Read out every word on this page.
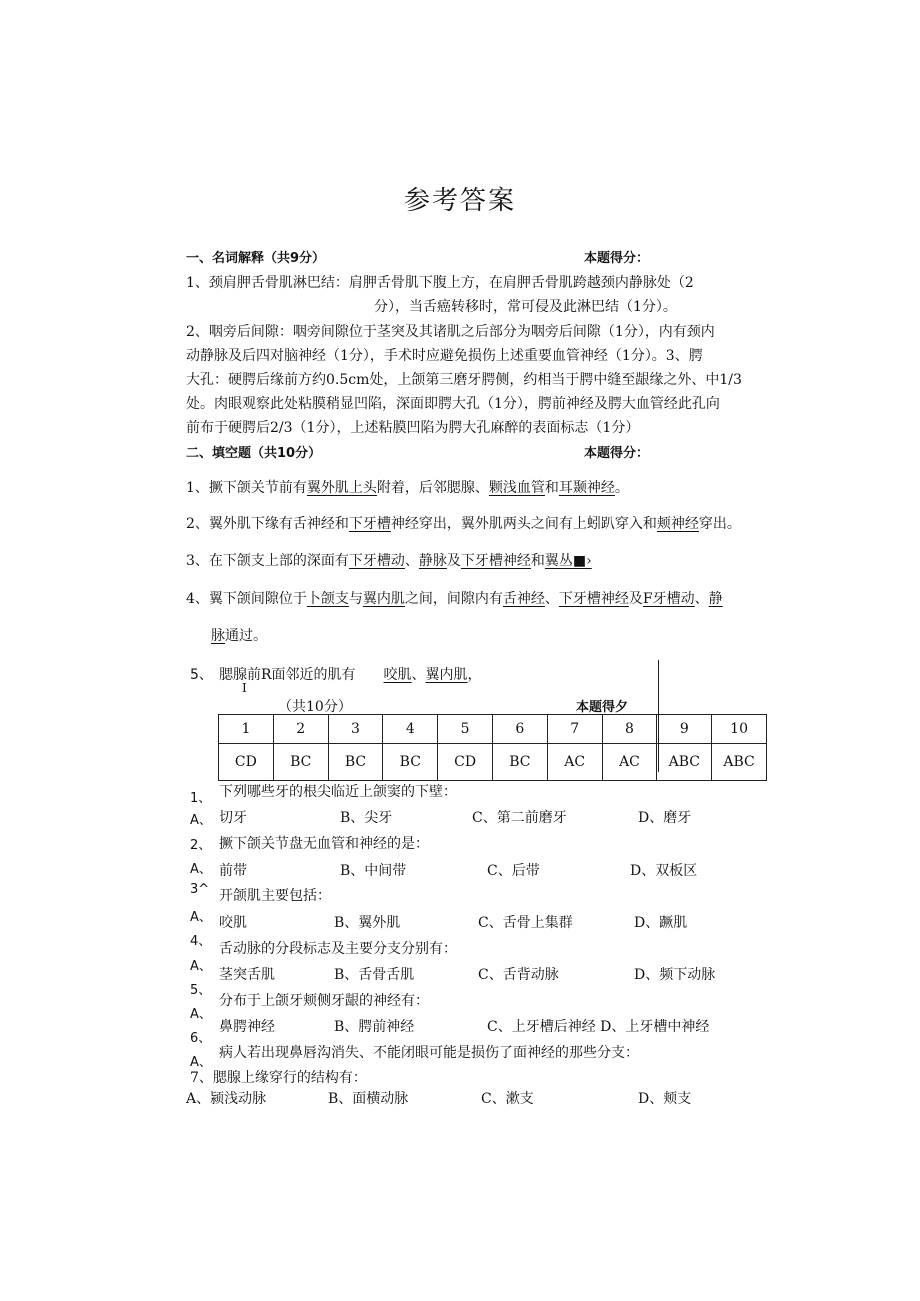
参考答案
一、名词解释（共9分）	本题得分：
1、颈肩胛舌骨肌淋巴结：肩胛舌骨肌下腹上方，在肩胛舌骨肌跨越颈内静脉处（2
分），当舌癌转移时，常可侵及此淋巴结（1分）。
2、咽旁后间隙：咽旁间隙位于茎突及其诸肌之后部分为咽旁后间隙（1分），内有颈内
动静脉及后四对脑神经（1分），手术时应避免损伤上述重要血管神经（1分）。3、腭
大孔：硬腭后缘前方约0.5cm处，上颌第三磨牙腭侧，约相当于腭中缝至龈缘之外、中1/3
处。肉眼观察此处粘膜稍显凹陷，深面即腭大孔（1分），腭前神经及腭大血管经此孔向
前布于硬腭后2/3（1分），上述粘膜凹陷为腭大孔麻醉的表面标志（1分）
二、填空题（共10分）	本题得分：
1、撅下颌关节前有翼外肌上头附着，后邻腮腺、颗浅血管和耳颞神经。
2、翼外肌下缘有舌神经和下牙槽神经穿出，翼外肌两头之间有上蚓趴穿入和颊神经穿出。
3、在下颌支上部的深面有下牙槽动、静脉及下牙槽神经和翼丛■›
4、翼下颌间隙位于卜颌支与翼内肌之间，间隙内有舌神经、下牙槽神经及F牙槽动、静
脉通过。
5、 腮腺前R面邻近的肌有 咬肌、翼内肌，
I
（共10分）	本题得夕
1	2	3	4	5	6	7	8	9	10
CD	BC	BC	BC	CD	BC	AC	AC	ABC	ABC
1、 下列哪些牙的根尖临近上颌窦的下壁：
A、 切牙	B、尖牙	C、第二前磨牙	D、磨牙
2、 撅下颌关节盘无血管和神经的是：
A、 前带	B、中间带	C、后带	D、双板区
3^ 开颌肌主要包括：
A、 咬肌	B、翼外肌	C、舌骨上集群	D、蹶肌
4、 舌动脉的分段标志及主要分支分别有：
A、
茎突舌肌	B、舌骨舌肌	C、舌背动脉	D、频下动脉
5、
分布于上颌牙颊侧牙龈的神经有：
A、
鼻腭神经	B、腭前神经	C、上牙槽后神经 D、上牙槽中神经
6、
病人若出现鼻唇沟消失、不能闭眼可能是损伤了面神经的那些分支：
A、
7、腮腺上缘穿行的结构有：
A、颍浅动脉	B、面横动脉	C、漱支	D、颊支
